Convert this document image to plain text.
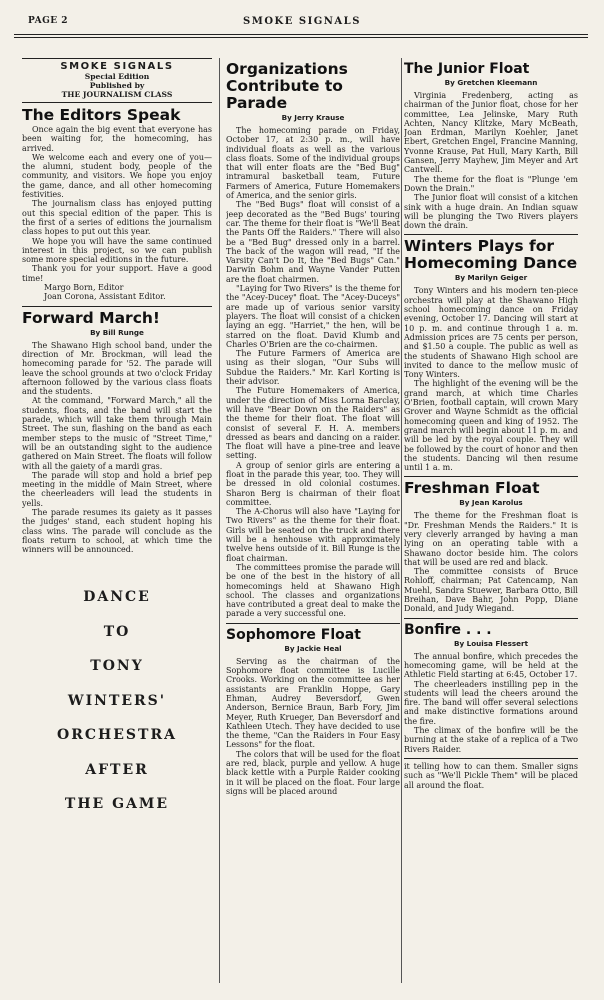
PAGE 2	SMOKE SIGNALS
SMOKE SIGNALS
Special Edition
Published by
THE JOURNALISM CLASS
The Editors Speak

Once again the big event that everyone has been waiting for, the homecoming, has arrived.

We welcome each and every one of you—the alumni, student body, people of the community, and visitors. We hope you enjoy the game, dance, and all other homecoming festivities.

The journalism class has enjoyed putting out this special edition of the paper. This is the first of a series of editions the journalism class hopes to put out this year.

We hope you will have the same continued interest in this project, so we can publish some more special editions in the future.

Thank you for your support. Have a good time!

Margo Born, Editor

Joan Corona, Assistant Editor.

Forward March!
By Bill Runge

The Shawano High school band, under the direction of Mr. Brockman, will lead the homecoming parade for '52. The parade will leave the school grounds at two o'clock Friday afternoon followed by the various class floats and the students.

At the command, "Forward March," all the students, floats, and the band will start the parade, which will take them through Main Street. The sun, flashing on the band as each member steps to the music of "Street Time," will be an outstanding sight to the audience gathered on Main Street. The floats will follow with all the gaiety of a mardi gras.

The parade will stop and hold a brief pep meeting in the middle of Main Street, where the cheerleaders will lead the students in yells.

The parade resumes its gaiety as it passes the judges' stand, each student hoping his class wins. The parade will conclude as the floats return to school, at which time the winners will be announced.

DANCE
TO
TONY
WINTERS'
ORCHESTRA
AFTER
THE GAME
Organizations Contribute to Parade
By Jerry Krause

The homecoming parade on Friday, October 17, at 2:30 p. m., will have individual floats as well as the various class floats. Some of the individual groups that will enter floats are the "Bed Bug" intramural basketball team, Future Farmers of America, Future Homemakers of America, and the senior girls.

The "Bed Bugs" float will consist of a jeep decorated as the "Bed Bugs' touring car. The theme for their float is "We'll Beat the Pants Off the Raiders." There will also be a "Bed Bug" dressed only in a barrel. The back of the wagon will read, "If the Varsity Can't Do It, the "Bed Bugs" Can." Darwin Bohm and Wayne Vander Putten are the float chairmen.

"Laying for Two Rivers" is the theme for the "Acey-Ducey" float. The "Acey-Duceys" are made up of various senior varsity players. The float will consist of a chicken laying an egg. "Harriet," the hen, will be starred on the float. David Klumb and Charles O'Brien are the co-chairmen.

The Future Farmers of America are using as their slogan, "Our Subs will Subdue the Raiders." Mr. Karl Korting is their advisor.

The Future Homemakers of America, under the direction of Miss Lorna Barclay, will have "Bear Down on the Raiders" as the theme for their float. The float will consist of several F. H. A. members dressed as bears and dancing on a raider. The float will have a pine-tree and leave setting.

A group of senior girls are entering a float in the parade this year, too. They will be dressed in old colonial costumes. Sharon Berg is chairman of their float committee.

The A-Chorus will also have "Laying for Two Rivers" as the theme for their float. Girls will be seated on the truck and there will be a henhouse with approximately twelve hens outside of it. Bill Runge is the float chairman.

The committees promise the parade will be one of the best in the history of all homecomings held at Shawano High school. The classes and organizations have contributed a great deal to make the parade a very successful one.

Sophomore Float
By Jackie Heal

Serving as the chairman of the Sophomore float committee is Lucille Crooks. Working on the committee as her assistants are Franklin Hoppe, Gary Ehman, Audrey Beversdorf, Gwen Anderson, Bernice Braun, Barb Fory, Jim Meyer, Ruth Krueger, Dan Beversdorf and Kathleen Utech. They have decided to use the theme, "Can the Raiders in Four Easy Lessons" for the float.

The colors that will be used for the float are red, black, purple and yellow. A huge black kettle with a Purple Raider cooking in it will be placed on the float. Four large signs will be placed around

The Junior Float
By Gretchen Kleemann

Virginia Fredenberg, acting as chairman of the Junior float, chose for her committee, Lea Jelinske, Mary Ruth Achten, Nancy Klitzke, Mary McBeath, Joan Erdman, Marilyn Koehler, Janet Ebert, Gretchen Engel, Francine Manning, Yvonne Krause, Pat Hull, Mary Karth, Bill Gansen, Jerry Mayhew, Jim Meyer and Art Cantwell.

The theme for the float is "Plunge 'em Down the Drain."

The Junior float will consist of a kitchen sink with a huge drain. An Indian squaw will be plunging the Two Rivers players down the drain.

Winters Plays for Homecoming Dance
By Marilyn Geiger

Tony Winters and his modern ten-piece orchestra will play at the Shawano High school homecoming dance on Friday evening, October 17. Dancing will start at 10 p. m. and continue through 1 a. m. Admission prices are 75 cents per person, and $1.50 a couple. The public as well as the students of Shawano High school are invited to dance to the mellow music of Tony Winters.

The highlight of the evening will be the grand march, at which time Charles O'Brien, football captain, will crown Mary Grover and Wayne Schmidt as the official homecoming queen and king of 1952. The grand march will begin about 11 p. m. and will be led by the royal couple. They will be followed by the court of honor and then the students. Dancing wil then resume until 1 a. m.

Freshman Float
By Jean Karolus

The theme for the Freshman float is "Dr. Freshman Mends the Raiders." It is very cleverly arranged by having a man lying on an operating table with a Shawano doctor beside him. The colors that will be used are red and black.

The committee consists of Bruce Rohloff, chairman; Pat Catencamp, Nan Muehl, Sandra Stuewer, Barbara Otto, Bill Breihan, Dave Bahr, John Popp, Diane Donald, and Judy Wiegand.

Bonfire . . .
By Louisa Flessert

The annual bonfire, which precedes the homecoming game, will be held at the Athletic Field starting at 6:45, October 17.

The cheerleaders instilling pep in the students will lead the cheers around the fire. The band will offer several selections and make distinctive formations around the fire.

The climax of the bonfire will be the burning at the stake of a replica of a Two Rivers Raider.

it telling how to can them. Smaller signs such as "We'll Pickle Them" will be placed all around the float.
